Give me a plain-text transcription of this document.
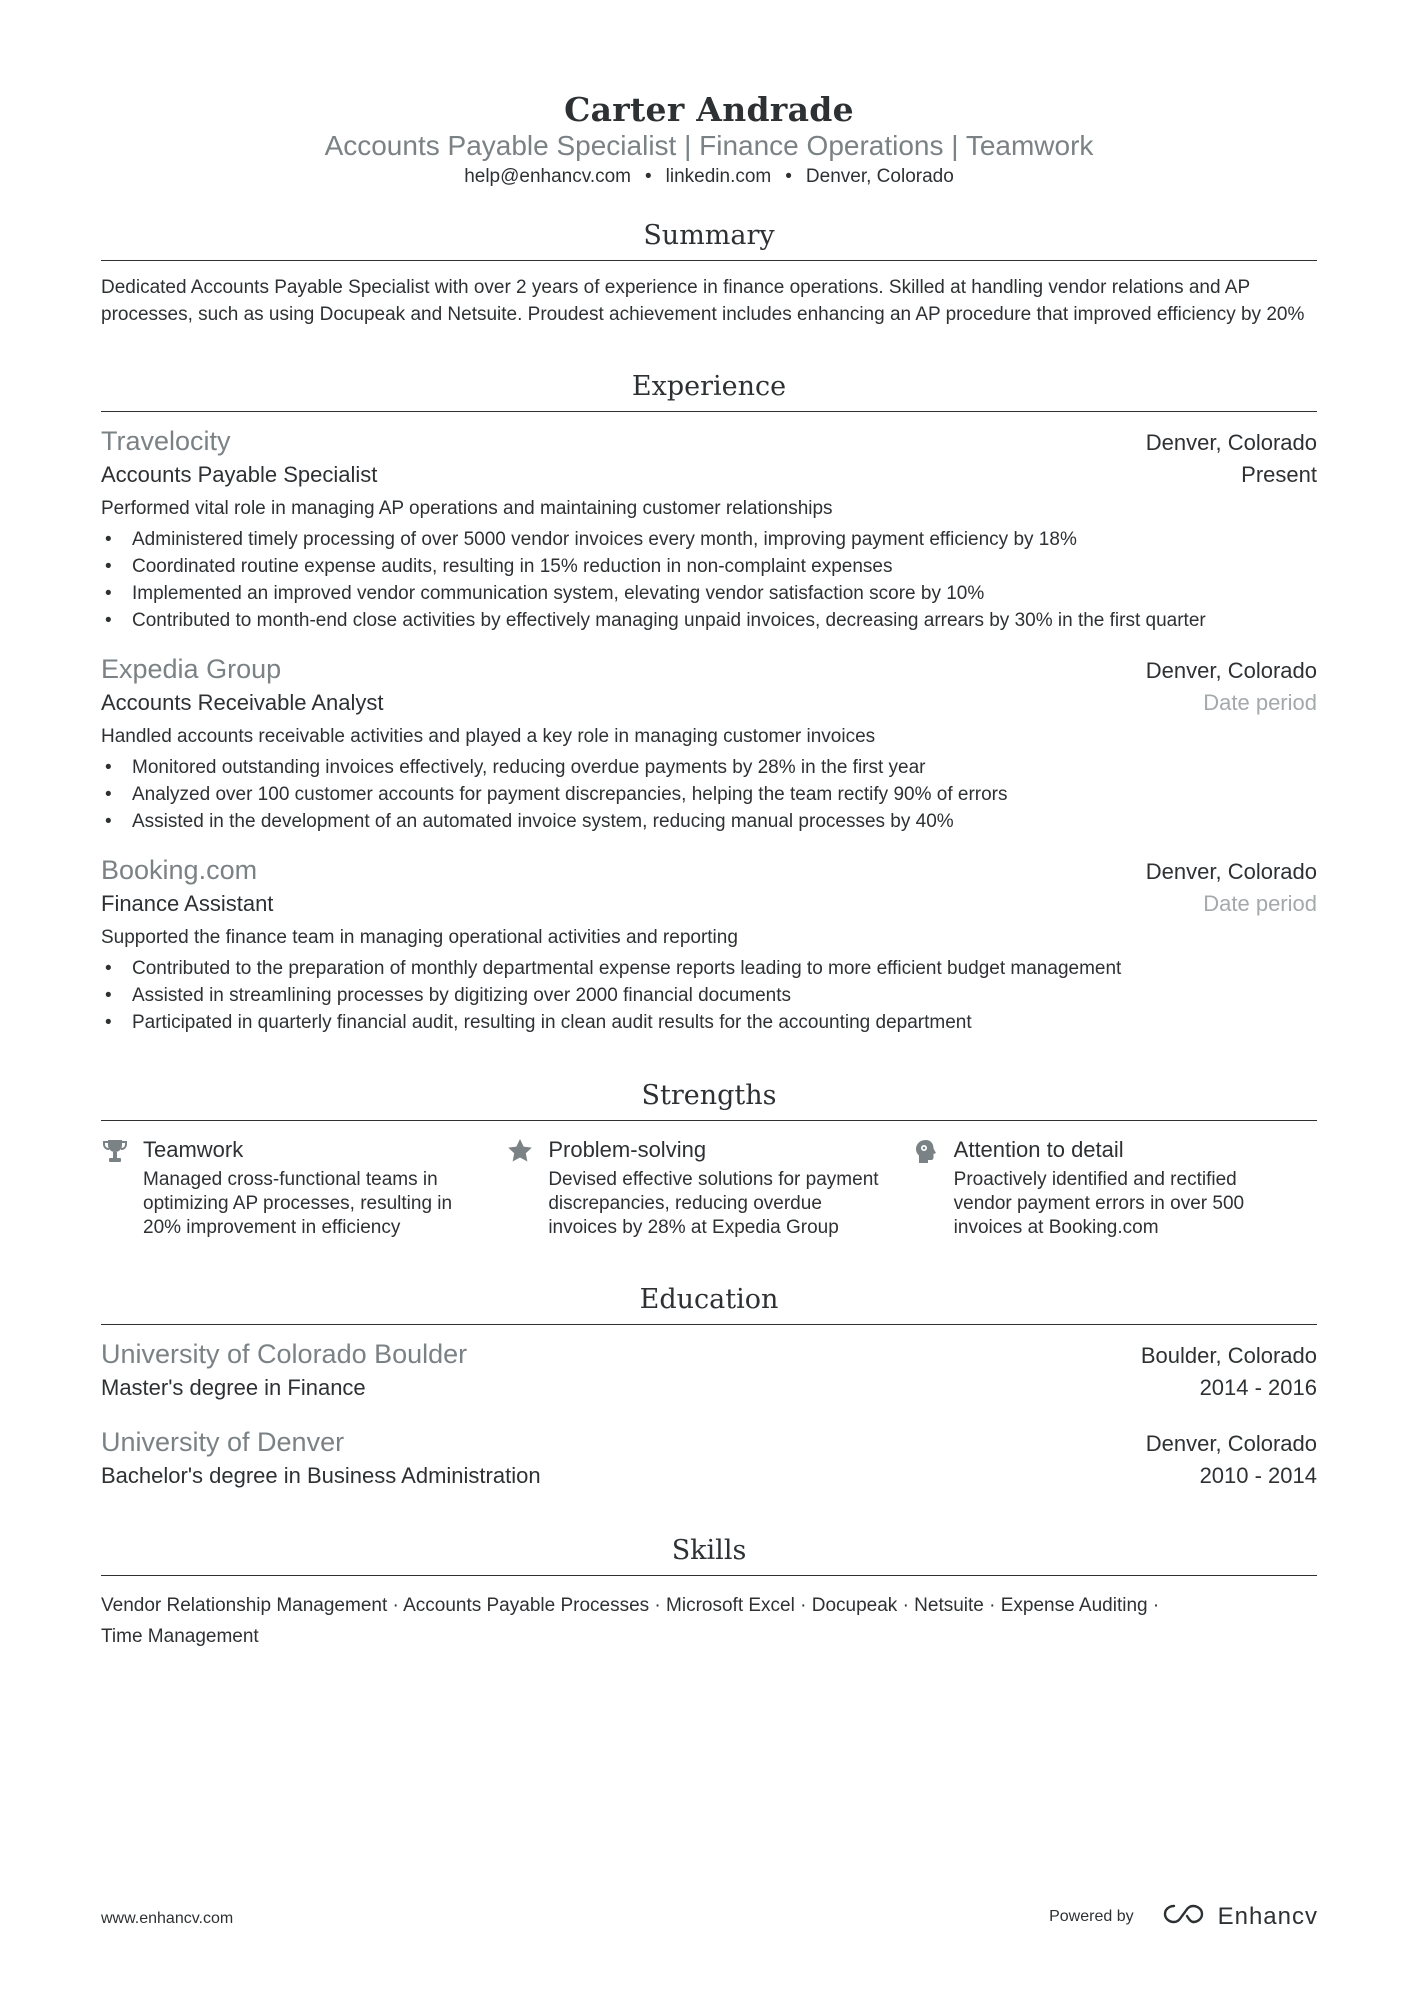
Carter Andrade
Accounts Payable Specialist | Finance Operations | Teamwork
help@enhancv.com • linkedin.com • Denver, Colorado
Summary
Dedicated Accounts Payable Specialist with over 2 years of experience in finance operations. Skilled at handling vendor relations and AP processes, such as using Docupeak and Netsuite. Proudest achievement includes enhancing an AP procedure that improved efficiency by 20%
Experience
Travelocity	Denver, Colorado
Accounts Payable Specialist	Present
Performed vital role in managing AP operations and maintaining customer relationships
• Administered timely processing of over 5000 vendor invoices every month, improving payment efficiency by 18%
• Coordinated routine expense audits, resulting in 15% reduction in non-complaint expenses
• Implemented an improved vendor communication system, elevating vendor satisfaction score by 10%
• Contributed to month-end close activities by effectively managing unpaid invoices, decreasing arrears by 30% in the first quarter
Expedia Group	Denver, Colorado
Accounts Receivable Analyst	Date period
Handled accounts receivable activities and played a key role in managing customer invoices
• Monitored outstanding invoices effectively, reducing overdue payments by 28% in the first year
• Analyzed over 100 customer accounts for payment discrepancies, helping the team rectify 90% of errors
• Assisted in the development of an automated invoice system, reducing manual processes by 40%
Booking.com	Denver, Colorado
Finance Assistant	Date period
Supported the finance team in managing operational activities and reporting
• Contributed to the preparation of monthly departmental expense reports leading to more efficient budget management
• Assisted in streamlining processes by digitizing over 2000 financial documents
• Participated in quarterly financial audit, resulting in clean audit results for the accounting department
Strengths
Teamwork
Managed cross-functional teams in optimizing AP processes, resulting in 20% improvement in efficiency
Problem-solving
Devised effective solutions for payment discrepancies, reducing overdue invoices by 28% at Expedia Group
Attention to detail
Proactively identified and rectified vendor payment errors in over 500 invoices at Booking.com
Education
University of Colorado Boulder	Boulder, Colorado
Master's degree in Finance	2014 - 2016
University of Denver	Denver, Colorado
Bachelor's degree in Business Administration	2010 - 2014
Skills
Vendor Relationship Management · Accounts Payable Processes · Microsoft Excel · Docupeak · Netsuite · Expense Auditing ·
Time Management
www.enhancv.com	Powered by	Enhancv
